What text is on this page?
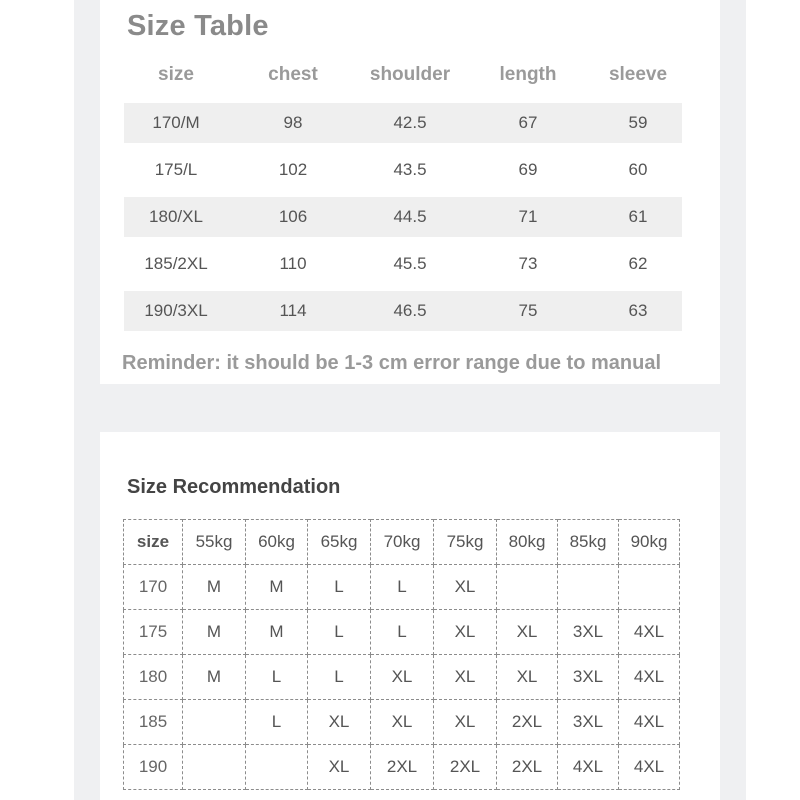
Size Table
size	chest	shoulder	length	sleeve
170/M	98	42.5	67	59
175/L	102	43.5	69	60
180/XL	106	44.5	71	61
185/2XL	110	45.5	73	62
190/3XL	114	46.5	75	63
Reminder: it should be 1-3 cm error range due to manual
Size Recommendation
size	55kg	60kg	65kg	70kg	75kg	80kg	85kg	90kg
170	M	M	L	L	XL			
175	M	M	L	L	XL	XL	3XL	4XL
180	M	L	L	XL	XL	XL	3XL	4XL
185		L	XL	XL	XL	2XL	3XL	4XL
190			XL	2XL	2XL	2XL	4XL	4XL
